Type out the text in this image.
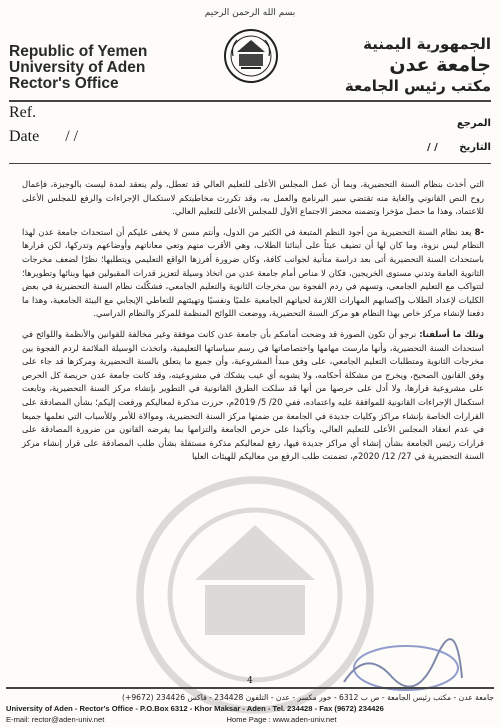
بسم الله الرحمن الرحيم
Republic of Yemen
University of Aden
Rector's Office
الجمهورية اليمنية
جامعة عدن
مكتب رئيس الجامعة
Ref.
Date / /
المرجع
التاريخ / /

التي أخذت بنظام السنة التحضيرية، وبما أن عمل المجلس الأعلى للتعليم العالي قد تعطل، ولم ينعقد لمدة ليست بالوجيزة، فإعمال روح النص القانوني والغاية منه تقتضي سير البرنامج والعمل به، وقد تكررت مخاطبتكم لاستكمال الإجراءات والرفع للمجلس الأعلى للاعتماد، وهذا ما حصل مؤخرا وتضمنه محضر الاجتماع الأول للمجلس الأعلى للتعليم العالي.

-8 يعد نظام السنة التحضيرية من أجود النظم المتبعة في الكثير من الدول، وأنتم مسن لا يخفى عليكم أن استحداث جامعة عدن لهذا النظام ليس نزوة، وما كان لها أن تضيف عبئاً على أبنائنا الطلاب، وهي الأقرب منهم وتعي معاناتهم وأوضاعهم وتدركها، لكن قرارها باستحداث السنة التحضيرية أتى بعد دراسة متأنية لجوانب كافة، وكان ضرورة أفرزها الواقع التعليمي ويتطلبها؛ نظرًا لضعف مخرجات الثانوية العامة وتدني مستوى الخريجين، فكان لا مناص أمام جامعة عدن من اتخاذ وسيلة لتعزيز قدرات المقبولين فيها وبنائها وتطويرها؛ لتتواكب مع التعليم الجامعي، وتسهم في ردم الفجوة بين مخرجات الثانوية والتعليم الجامعي، فشكّلت نظام السنة التحضيرية في بعض الكليات لإعداد الطلاب وإكسابهم المهارات اللازمة لحياتهم الجامعية علميًا ونفسيًا وتهيئتهم للتعاطي الإيجابي مع البيئة الجامعية، وهذا ما دفعنا لإنشاء مركز خاص بهذا النظام هو مركز السنة التحضيرية، ووضعت اللوائح المنظمة للمركز والنظام الدراسي.

وتلك ما أسلفنا: نرجو أن تكون الصورة قد وضحت أمامكم بأن جامعة عدن كانت موفقة وغير مخالفة للقوانين والأنظمة واللوائح في استحداث السنة التحضيرية، وأنها مارست مهامها واختصاصاتها في رسم سياساتها التعليمية، واتخذت الوسيلة الملائمة لردم الفجوة بين مخرجات الثانوية ومتطلبات التعليم الجامعي، على وفق مبدأ المشروعية، وأن جميع ما يتعلق بالسنة التحضيرية ومركزها قد جاء على وفق القانون الصحيح، ويخرج من مشكلة أحكامه، ولا يشوبه أي عيب يشكك في مشروعيته، وقد كانت جامعة عدن حريصة كل الحرص على مشروعية قرارها، ولا أدل على حرصها من أنها قد سلكت الطرق القانونية في التطوير بإنشاء مركز السنة التحضيرية، وتابعت استكمال الإجراءات القانونية للموافقة عليه واعتماده، ففي 20/ 5/ 2019م، حررت مذكرة لمعاليكم ورفعت إليكم؛ بشأن المصادقة على القرارات الخاصة بإنشاء مراكز وكليات جديدة في الجامعة من ضمنها مركز السنة التحضيرية، وموالاة للأمر وللأسباب التي نعلمها جميعا في عدم انعقاد المجلس الأعلى للتعليم العالي، وتأكيدا على حرص الجامعة والتزامها بما يفرضه القانون من ضرورة المصادقة على قرارات رئيس الجامعة بشأن إنشاء أي مراكز جديدة فيها، رفع لمعاليكم مذكرة مستقلة بشأن طلب المصادقة على قرار إنشاء مركز السنة التحضيرية في 27/ 12/ 2020م، تضمنت طلب الرفع من معاليكم للهيئات العليا

4
جامعة عدن - مكتب رئيس الجامعة - ص ب 6312 - خور مكسر - عدن - التلفون 234428 - فاكس 234426 (9672+)
University of Aden - Rector's Office - P.O.Box 6312 - Khor Maksar - Aden - Tel. 234428 - Fax (9672) 234426
E-mail: rector@aden-univ.net	Home Page : www.aden-univ.net
